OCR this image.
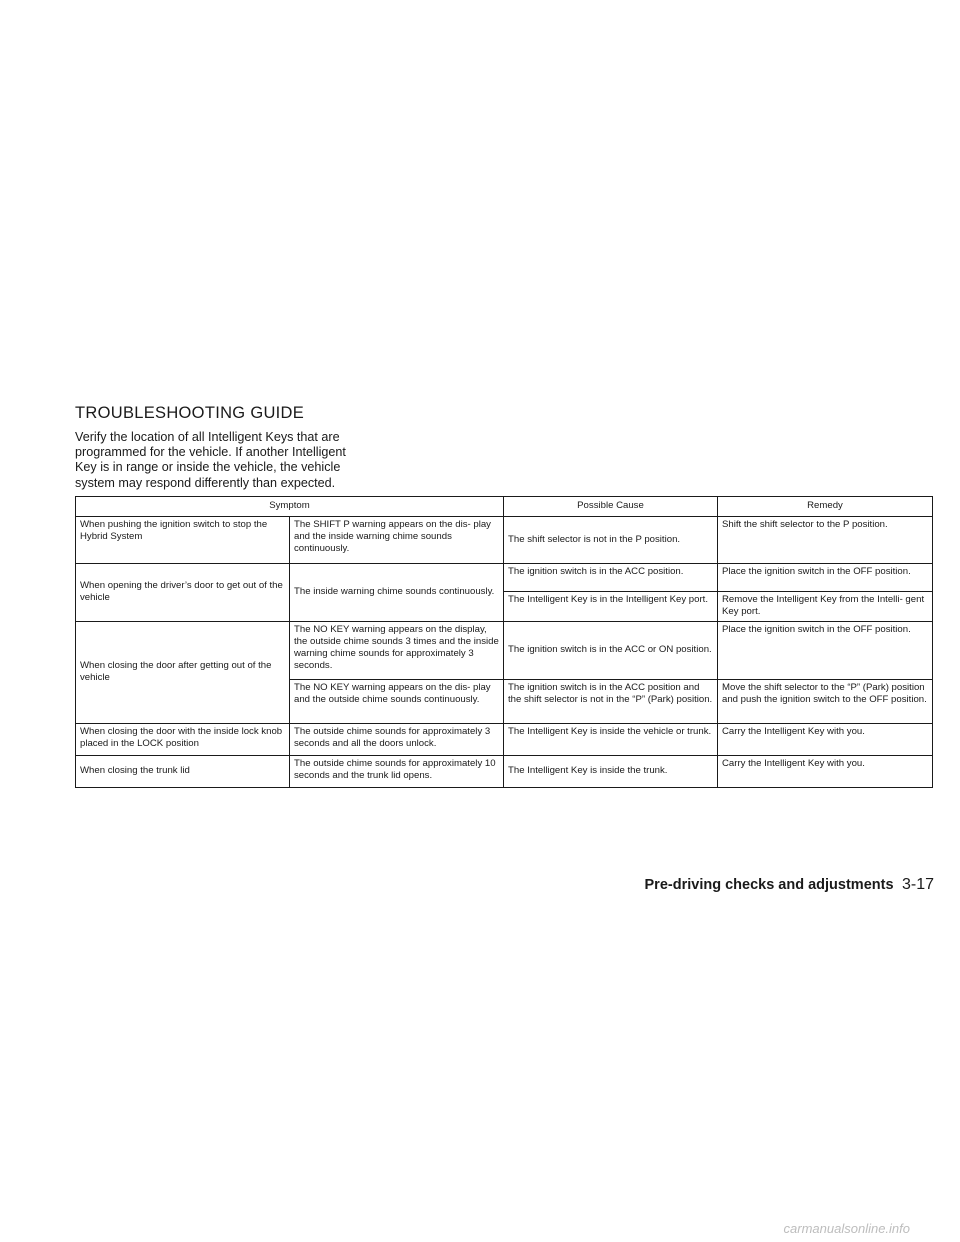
TROUBLESHOOTING GUIDE

Verify the location of all Intelligent Keys that are programmed for the vehicle. If another Intelligent Key is in range or inside the vehicle, the vehicle system may respond differently than expected.

Symptom		Possible Cause	Remedy
When pushing the ignition switch to stop the Hybrid System	The SHIFT P warning appears on the dis- play and the inside warning chime sounds continuously.	The shift selector is not in the P position.	Shift the shift selector to the P position.
When opening the driver’s door to get out of the vehicle	The inside warning chime sounds continuously.	The ignition switch is in the ACC position.	Place the ignition switch in the OFF position.
		The Intelligent Key is in the Intelligent Key port.	Remove the Intelligent Key from the Intelli- gent Key port.
When closing the door after getting out of the vehicle	The NO KEY warning appears on the display, the outside chime sounds 3 times and the inside warning chime sounds for approximately 3 seconds.	The ignition switch is in the ACC or ON position.	Place the ignition switch in the OFF position.
	The NO KEY warning appears on the dis- play and the outside chime sounds continuously.	The ignition switch is in the ACC position and the shift selector is not in the “P” (Park) position.	Move the shift selector to the “P” (Park) position and push the ignition switch to the OFF position.
When closing the door with the inside lock knob placed in the LOCK position	The outside chime sounds for approximately 3 seconds and all the doors unlock.	The Intelligent Key is inside the vehicle or trunk.	Carry the Intelligent Key with you.
When closing the trunk lid	The outside chime sounds for approximately 10 seconds and the trunk lid opens.	The Intelligent Key is inside the trunk.	Carry the Intelligent Key with you.
Pre-driving checks and adjustments 3-17
carmanualsonline.info
